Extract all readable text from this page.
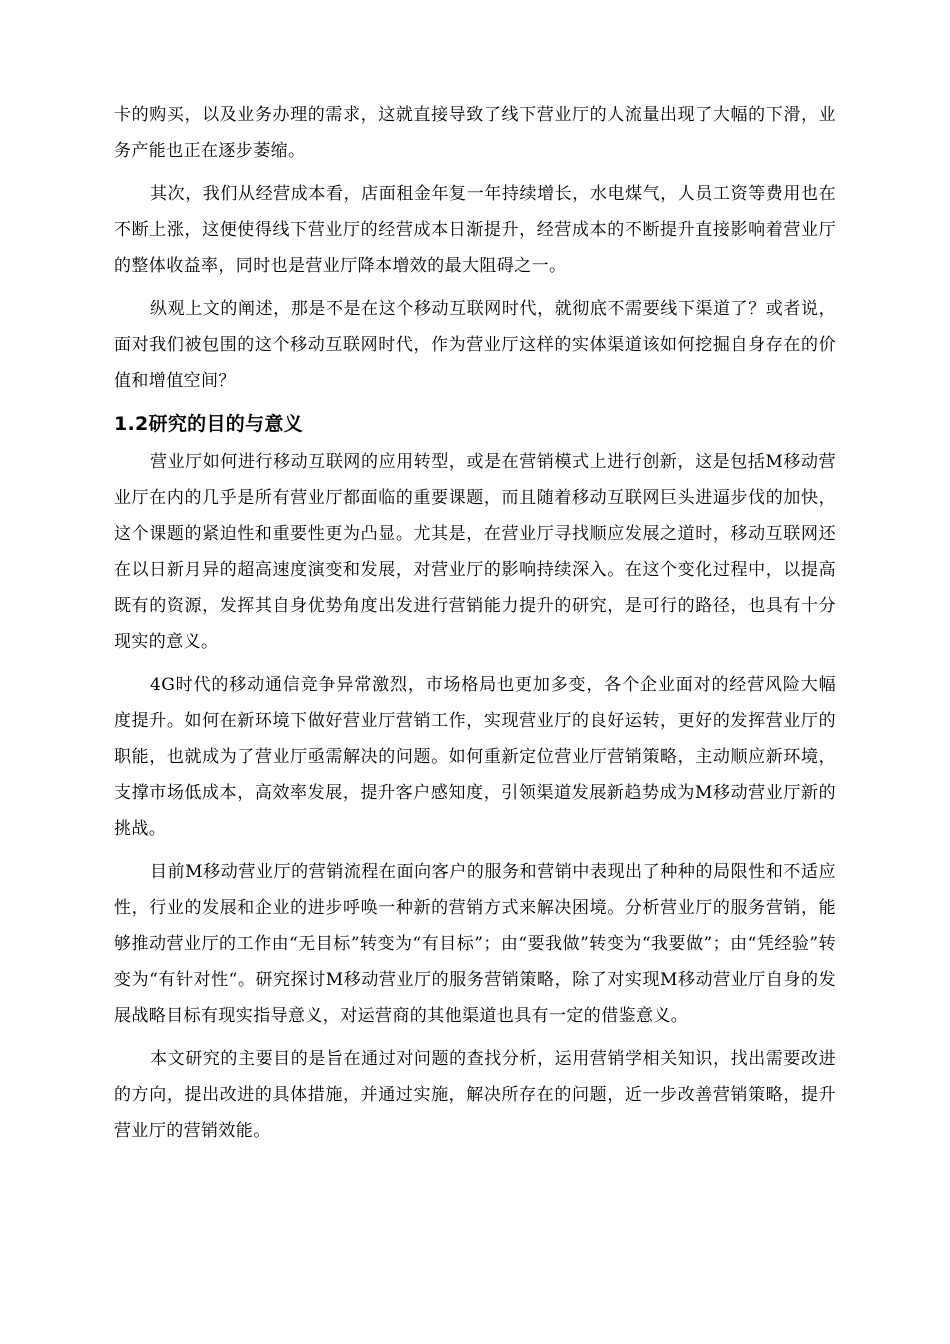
卡的购买，以及业务办理的需求，这就直接导致了线下营业厅的人流量出现了大幅的下滑，业务产能也正在逐步萎缩。

其次，我们从经营成本看，店面租金年复一年持续增长，水电煤气，人员工资等费用也在不断上涨，这便使得线下营业厅的经营成本日渐提升，经营成本的不断提升直接影响着营业厅的整体收益率，同时也是营业厅降本增效的最大阻碍之一。

纵观上文的阐述，那是不是在这个移动互联网时代，就彻底不需要线下渠道了？或者说，面对我们被包围的这个移动互联网时代，作为营业厅这样的实体渠道该如何挖掘自身存在的价值和增值空间？

1.2研究的目的与意义

营业厅如何进行移动互联网的应用转型，或是在营销模式上进行创新，这是包括M移动营业厅在内的几乎是所有营业厅都面临的重要课题，而且随着移动互联网巨头进逼步伐的加快，这个课题的紧迫性和重要性更为凸显。尤其是，在营业厅寻找顺应发展之道时，移动互联网还在以日新月异的超高速度演变和发展，对营业厅的影响持续深入。在这个变化过程中，以提高既有的资源，发挥其自身优势角度出发进行营销能力提升的研究，是可行的路径，也具有十分现实的意义。

4G时代的移动通信竞争异常激烈，市场格局也更加多变，各个企业面对的经营风险大幅度提升。如何在新环境下做好营业厅营销工作，实现营业厅的良好运转，更好的发挥营业厅的职能，也就成为了营业厅亟需解决的问题。如何重新定位营业厅营销策略，主动顺应新环境，支撑市场低成本，高效率发展，提升客户感知度，引领渠道发展新趋势成为M移动营业厅新的挑战。

目前M移动营业厅的营销流程在面向客户的服务和营销中表现出了种种的局限性和不适应性，行业的发展和企业的进步呼唤一种新的营销方式来解决困境。分析营业厅的服务营销，能够推动营业厅的工作由“无目标”转变为“有目标”；由“要我做”转变为“我要做”；由“凭经验”转变为“有针对性“。研究探讨M移动营业厅的服务营销策略，除了对实现M移动营业厅自身的发展战略目标有现实指导意义，对运营商的其他渠道也具有一定的借鉴意义。

本文研究的主要目的是旨在通过对问题的查找分析，运用营销学相关知识，找出需要改进的方向，提出改进的具体措施，并通过实施，解决所存在的问题，近一步改善营销策略，提升营业厅的营销效能。
